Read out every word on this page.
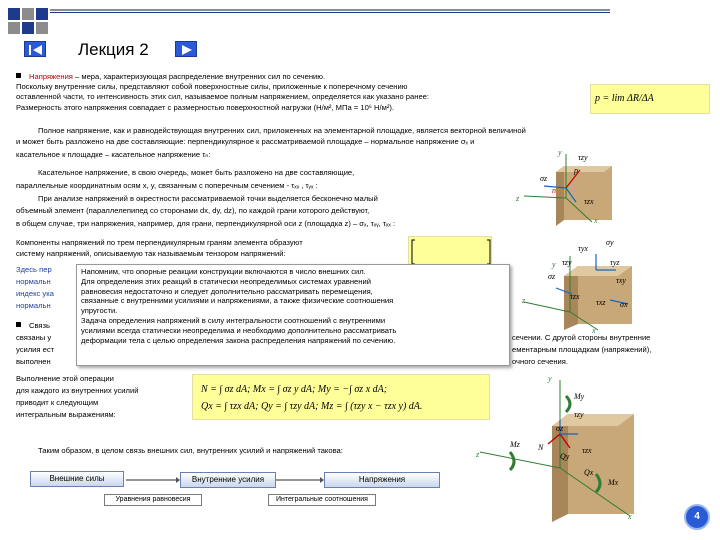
Лекция 2
Напряжения – мера, характеризующая распределение внутренних сил по сечению.
Поскольку внутренние силы, представляют собой поверхностные силы, приложенные к поперечному сечению
оставленной части, то интенсивность этих сил, называемое полным напряжением, определяется как указано ранее:
Размерность этого напряжения совпадает с размерностью поверхностной нагрузки (Н/м², МПа = 10⁶ Н/м²).
p = lim ΔR/ΔA
Полное напряжение, как и равнодействующая внутренних сил, приложенных на элементарной площадке, является векторной величиной
и может быть разложено на две составляющие: перпендикулярное к рассматриваемой площадке – нормальное напряжение σₓ и
касательное к площадке – касательное напряжение τₙ:
Касательное напряжение, в свою очередь, может быть разложено на две составляющие,
параллельные координатным осям x, y, связанным с поперечным сечением - τₓₓ , τᵧₓ :
При анализе напряжений в окрестности рассматриваемой точки выделяется бесконечно малый
объемный элемент (параллелепипед со сторонами dx, dy, dz), по каждой грани которого действуют,
в общем случае, три напряжения, например, для грани, перпендикулярной оси z (площадка z) – σₓ, τₓᵧ, τₓₓ :
y
τzy
p
σz
n
z	τzx
x
Компоненты напряжений по трем перпендикулярным граням элемента образуют
систему напряжений, описываемую так называемым тензором напряжений:
σy
τyx
y τzy	τyz
σz	τxy
τzx
z	τxz σx
x
Здесь пер
нормальн
индекс ука
нормальн
Связь
связаны у
усилия ест
выполнен
сечении. С другой стороны внутренние
ементарным площадкам (напряжений),
очного сечения.
Напомним, что опорные реакции конструкции включаются в число внешних сил.
Для определения этих реакций в статически неопределимых системах уравнений
равновесия недостаточно и следует дополнительно рассматривать перемещения,
связанные с внутренними усилиями и напряжениями, а также физические соотношения
упругости.
Задача определения напряжений в силу интегральности соотношений с внутренними
усилиями всегда статически неопределима и необходимо дополнительно рассматривать
деформации тела с целью определения закона распределения напряжений по сечению.
Выполнение этой операции
для каждого из внутренних усилий
приводит к следующим
интегральным выражениям:
N = ∫ σz dA; Mx = ∫ σz y dA; My = −∫ σz x dA;
Qx = ∫ τzx dA; Qy = ∫ τzy dA; Mz = ∫ (τzy x − τzx y) dA.
y
My
τzy
σz
Mz N
z	τzx
Qy
Qx
Mx
x
Таким образом, в целом связь внешних сил, внутренних усилий и напряжений такова:
Внешние силы	Внутренние усилия	Напряжения
Уравнения равновесия	Интегральные соотношения
4
